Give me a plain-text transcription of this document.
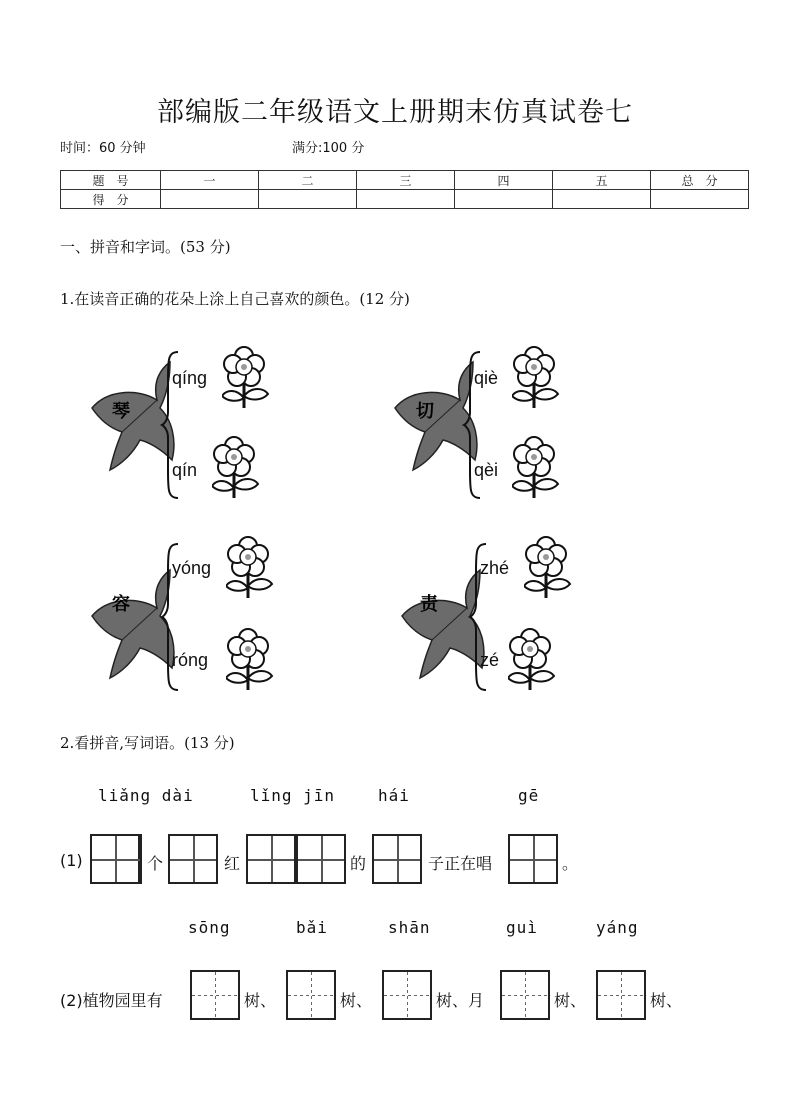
部编版二年级语文上册期末仿真试卷七
时间：60 分钟	满分:100 分
题　号	一	二	三	四	五	总　分
得　分						
一、拼音和字词。(53 分)
1.在读音正确的花朵上涂上自己喜欢的颜色。(12 分)
琴
qíng
qín
切
qiè
qèi
容
yóng
róng
责
zhé
zé
2.看拼音,写词语。(13 分)
liǎng dài	lǐng jīn	hái	gē
(1)	个	红	的	子正在唱	。
sōng	bǎi	shān	guì	yáng
(2)植物园里有	树、	树、	树、月	树、	树、
